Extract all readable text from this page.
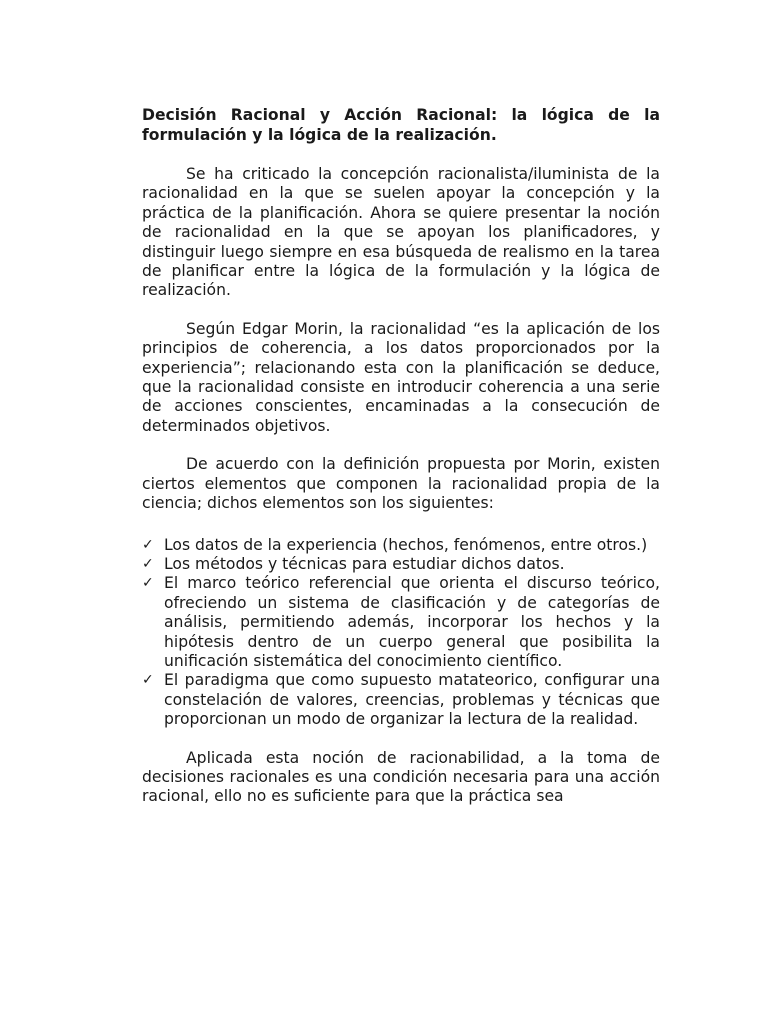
Decisión Racional y Acción Racional: la lógica de la formulación y la lógica de la realización.

Se ha criticado la concepción racionalista/iluminista de la racionalidad en la que se suelen apoyar la concepción y la práctica de la planificación. Ahora se quiere presentar la noción de racionalidad en la que se apoyan los planificadores, y distinguir luego siempre en esa búsqueda de realismo en la tarea de planificar entre la lógica de la formulación y la lógica de realización.

Según Edgar Morin, la racionalidad “es la aplicación de los principios de coherencia, a los datos proporcionados por la experiencia”; relacionando esta con la planificación se deduce, que la racionalidad consiste en introducir coherencia a una serie de acciones conscientes, encaminadas a la consecución de determinados objetivos.

De acuerdo con la definición propuesta por Morin, existen ciertos elementos que componen la racionalidad propia de la ciencia; dichos elementos son los siguientes:

✓ Los datos de la experiencia (hechos, fenómenos, entre otros.)
✓ Los métodos y técnicas para estudiar dichos datos.
✓ El marco teórico referencial que orienta el discurso teórico, ofreciendo un sistema de clasificación y de categorías de análisis, permitiendo además, incorporar los hechos y la hipótesis dentro de un cuerpo general que posibilita la unificación sistemática del conocimiento científico.
✓ El paradigma que como supuesto matateorico, configurar una constelación de valores, creencias, problemas y técnicas que proporcionan un modo de organizar la lectura de la realidad.

Aplicada esta noción de racionabilidad, a la toma de decisiones racionales es una condición necesaria para una acción racional, ello no es suficiente para que la práctica sea
